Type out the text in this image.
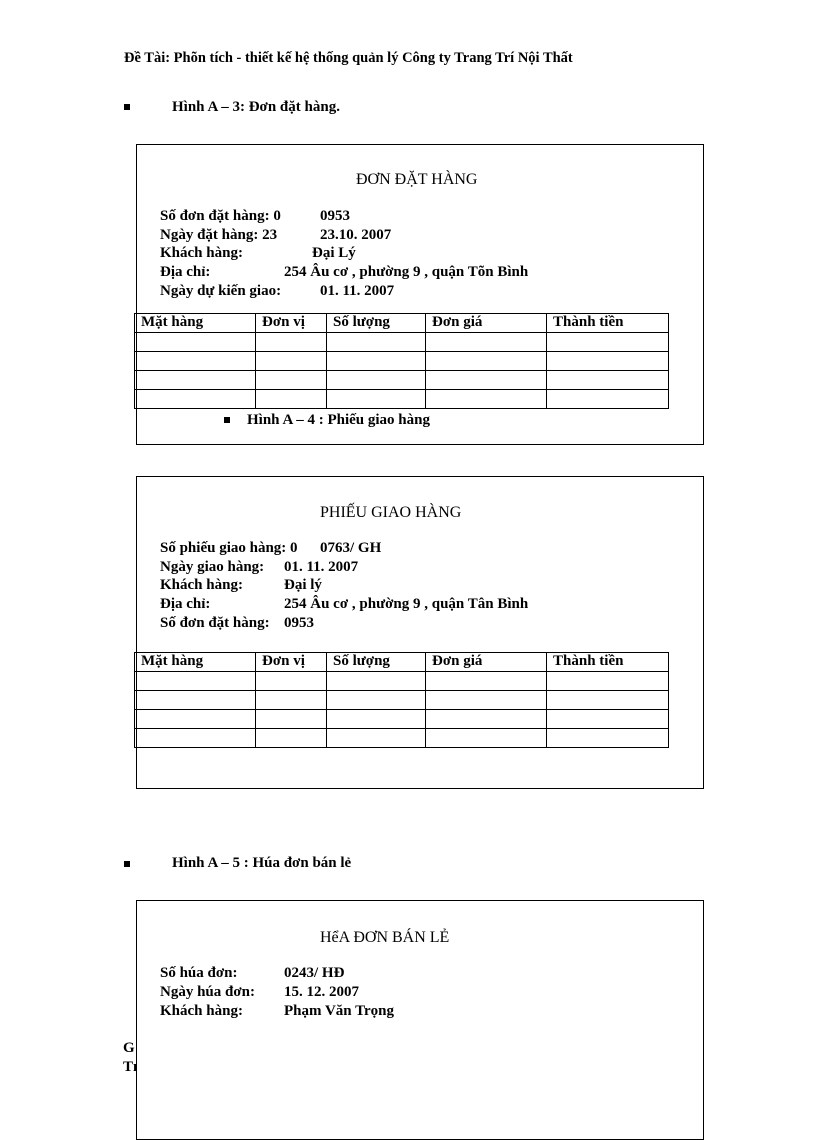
Đề Tài: Phõn tích - thiết kế hệ thống quản lý Công ty Trang Trí Nội Thất
Hình A – 3: Đơn đặt hàng.
ĐƠN ĐẶT HÀNG
Số đơn đặt hàng: 0	0953
Ngày đặt hàng: 23	23.10. 2007
Khách hàng:	Đại Lý
Địa chỉ:	254 Âu cơ , phường 9 , quận Tõn Bình
Ngày dự kiến giao:	01. 11. 2007
Mặt hàng	Đơn vị	Số lượng	Đơn giá	Thành tiền

Hình A – 4 : Phiếu giao hàng
PHIẾU GIAO HÀNG
Số phiếu giao hàng: 0 0763/ GH
Ngày giao hàng: 01. 11. 2007
Khách hàng:	Đại lý
Địa chỉ:	254 Âu cơ , phường 9 , quận Tân Bình
Số đơn đặt hàng: 0953
Mặt hàng	Đơn vị	Số lượng	Đơn giá	Thành tiền

Hình A – 5 : Húa đơn bán lẻ
HểA ĐƠN BÁN LẺ
Số húa đơn:	0243/ HĐ
Ngày húa đơn: 15. 12. 2007
Khách hàng:	Phạm Văn Trọng
G
Tı
